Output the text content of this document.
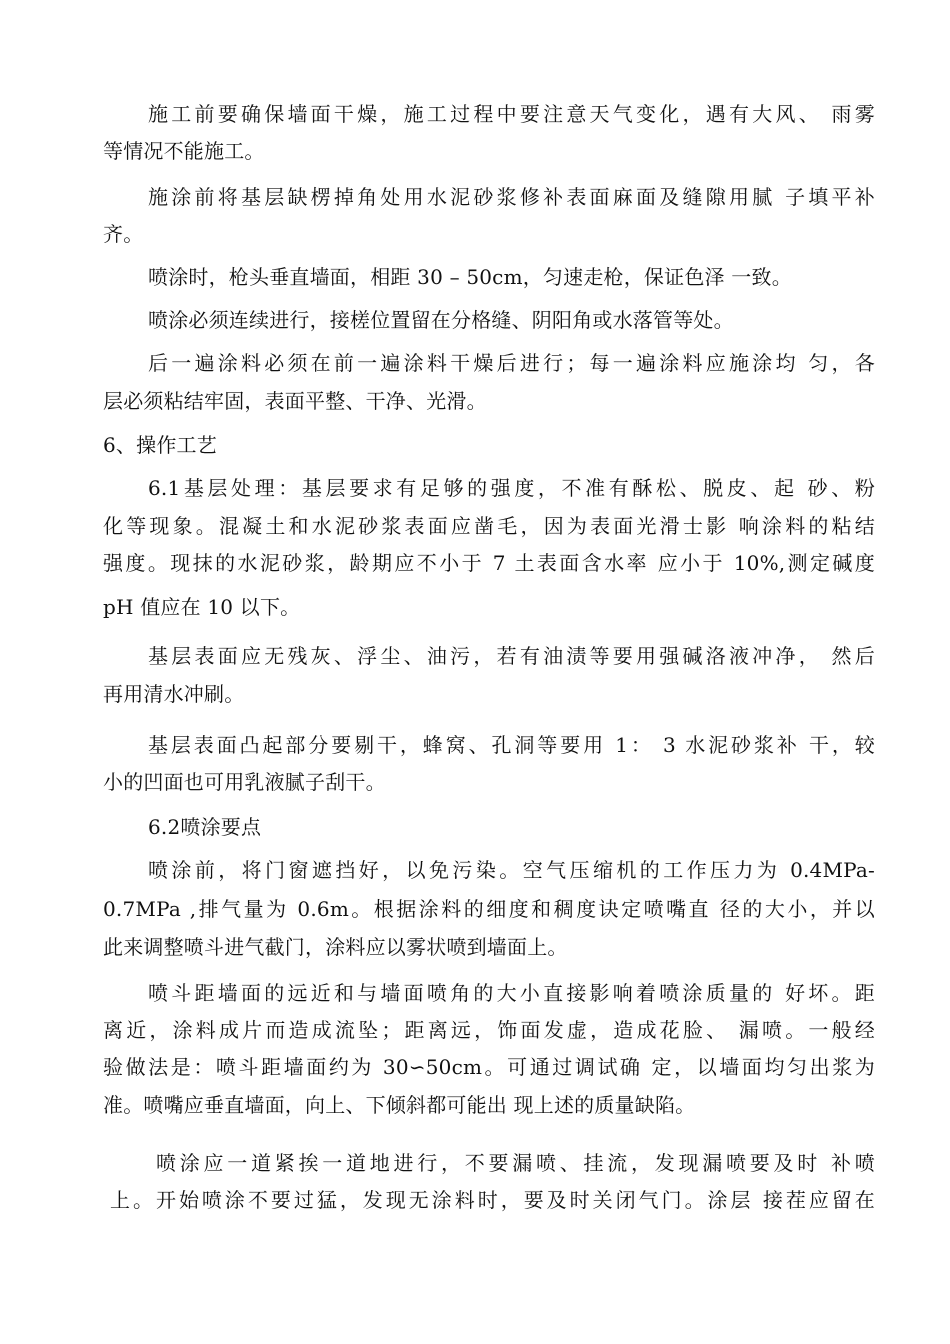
施工前要确保墙面干燥，施工过程中要注意天气变化，遇有大风、 雨雾
等情况不能施工。
施涂前将基层缺楞掉角处用水泥砂浆修补表面麻面及缝隙用腻 子填平补
齐。
喷涂时，枪头垂直墙面，相距 30 – 50cm，匀速走枪，保证色泽 一致。
喷涂必须连续进行，接槎位置留在分格缝、阴阳角或水落管等处。
后一遍涂料必须在前一遍涂料干燥后进行；每一遍涂料应施涂均 匀，各
层必须粘结牢固，表面平整、干净、光滑。
6、操作工艺
6.1基层处理：基层要求有足够的强度，不准有酥松、脱皮、起 砂、粉
化等现象。混凝土和水泥砂浆表面应凿毛，因为表面光滑士影 响涂料的粘结
强度。现抹的水泥砂浆，龄期应不小于 7 土表面含水率 应小于 10%,测定碱度
pH 值应在 10 以下。
基层表面应无残灰、浮尘、油污，若有油渍等要用强碱洛液冲净， 然后
再用清水冲刷。
基层表面凸起部分要剔干，蜂窝、孔洞等要用 1： 3 水泥砂浆补 干，较
小的凹面也可用乳液腻子刮干。
6.2喷涂要点
喷涂前，将门窗遮挡好，以免污染。空气压缩机的工作压力为 0.4MPa-
0.7MPa ,排气量为 0.6m。根据涂料的细度和稠度诀定喷嘴直 径的大小，并以
此来调整喷斗进气截门，涂料应以雾状喷到墙面上。
喷斗距墙面的远近和与墙面喷角的大小直接影响着喷涂质量的 好坏。距
离近，涂料成片而造成流坠；距离远，饰面发虚，造成花脸、 漏喷。一般经
验做法是：喷斗距墙面约为 30∽50cm。可通过调试确 定，以墙面均匀出浆为
准。喷嘴应垂直墙面，向上、下倾斜都可能出 现上述的质量缺陷。
喷涂应一道紧挨一道地进行，不要漏喷、挂流，发现漏喷要及时 补喷
上。开始喷涂不要过猛，发现无涂料时，要及时关闭气门。涂层 接茬应留在
